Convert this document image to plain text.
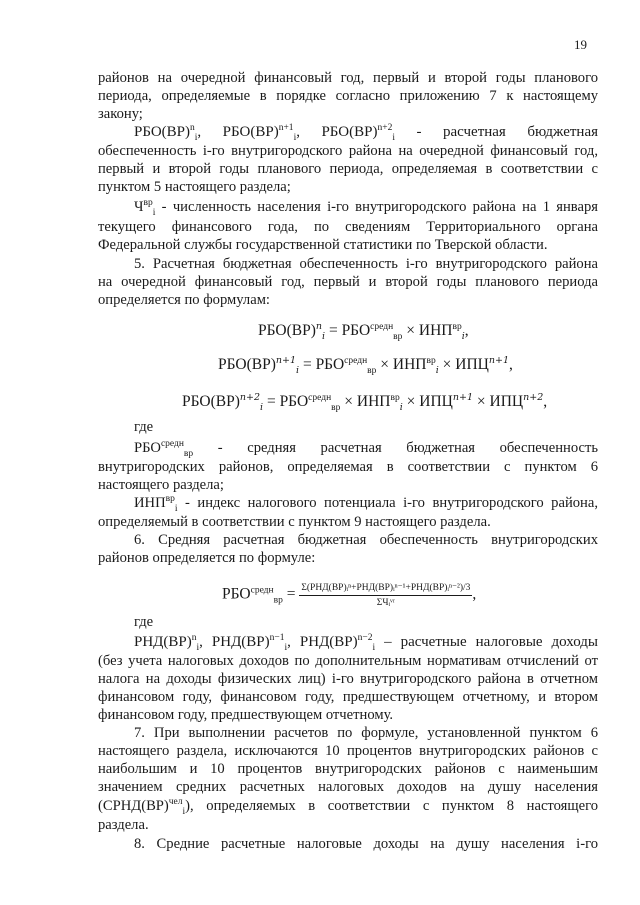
19
районов на очередной финансовый год, первый и второй годы планового
периода, определяемые в порядке согласно приложению 7 к настоящему
закону;
РБО(ВР)$^n_i$, РБО(ВР)$^{n+1}_i$, РБО(ВР)$^{n+2}_i$ - расчетная бюджетная
обеспеченность i-го внутригородского района на очередной финансовый год,
первый и второй годы планового периода, определяемая в соответствии с
пунктом 5 настоящего раздела;
$Ч^{вр}_i$ - численность населения i-го внутригородского района на 1 января
текущего финансового года, по сведениям Территориального органа
Федеральной службы государственной статистики по Тверской области.
5. Расчетная бюджетная обеспеченность i-го внутригородского района
на очередной финансовый год, первый и второй годы планового периода
определяется по формулам:
$РБО(ВР)^n_i = РБО^{средн}_{вр} \times ИНП^{вр}_i$,
$РБО(ВР)^{n+1}_i = РБО^{средн}_{вр} \times ИНП^{вр}_i \times ИПЦ^{n+1}$,
$РБО(ВР)^{n+2}_i = РБО^{средн}_{вр} \times ИНП^{вр}_i \times ИПЦ^{n+1} \times ИПЦ^{n+2}$,
где
$РБО^{средн}_{вр}$ - средняя расчетная бюджетная обеспеченность
внутригородских районов, определяемая в соответствии с пунктом 6
настоящего раздела;
$ИНП^{вр}_i$ - индекс налогового потенциала i-го внутригородского района,
определяемый в соответствии с пунктом 9 настоящего раздела.
6. Средняя расчетная бюджетная обеспеченность внутригородских
районов определяется по формуле:
$РБО^{средн}_{вр} = \frac{\text{Σ(РНД(ВР)ᵢⁿ+РНД(ВР)ᵢⁿ⁻¹+РНД(ВР)ᵢⁿ⁻²)/3}}{\text{ΣЧᵢᵛʳ}}$ ,
где
РНД(ВР)$^n_i$, РНД(ВР)$^{n-1}_i$, РНД(ВР)$^{n-2}_i$ – расчетные налоговые доходы
(без учета налоговых доходов по дополнительным нормативам отчислений от
налога на доходы физических лиц) i-го внутригородского района в отчетном
финансовом году, финансовом году, предшествующем отчетному, и втором
финансовом году, предшествующем отчетному.
7. При выполнении расчетов по формуле, установленной пунктом 6
настоящего раздела, исключаются 10 процентов внутригородских районов с
наибольшим и 10 процентов внутригородских районов с наименьшим
значением средних расчетных налоговых доходов на душу населения
(СРНД(ВР)$^{чел}_i$), определяемых в соответствии с пунктом 8 настоящего
раздела.
8. Средние расчетные налоговые доходы на душу населения i-го
